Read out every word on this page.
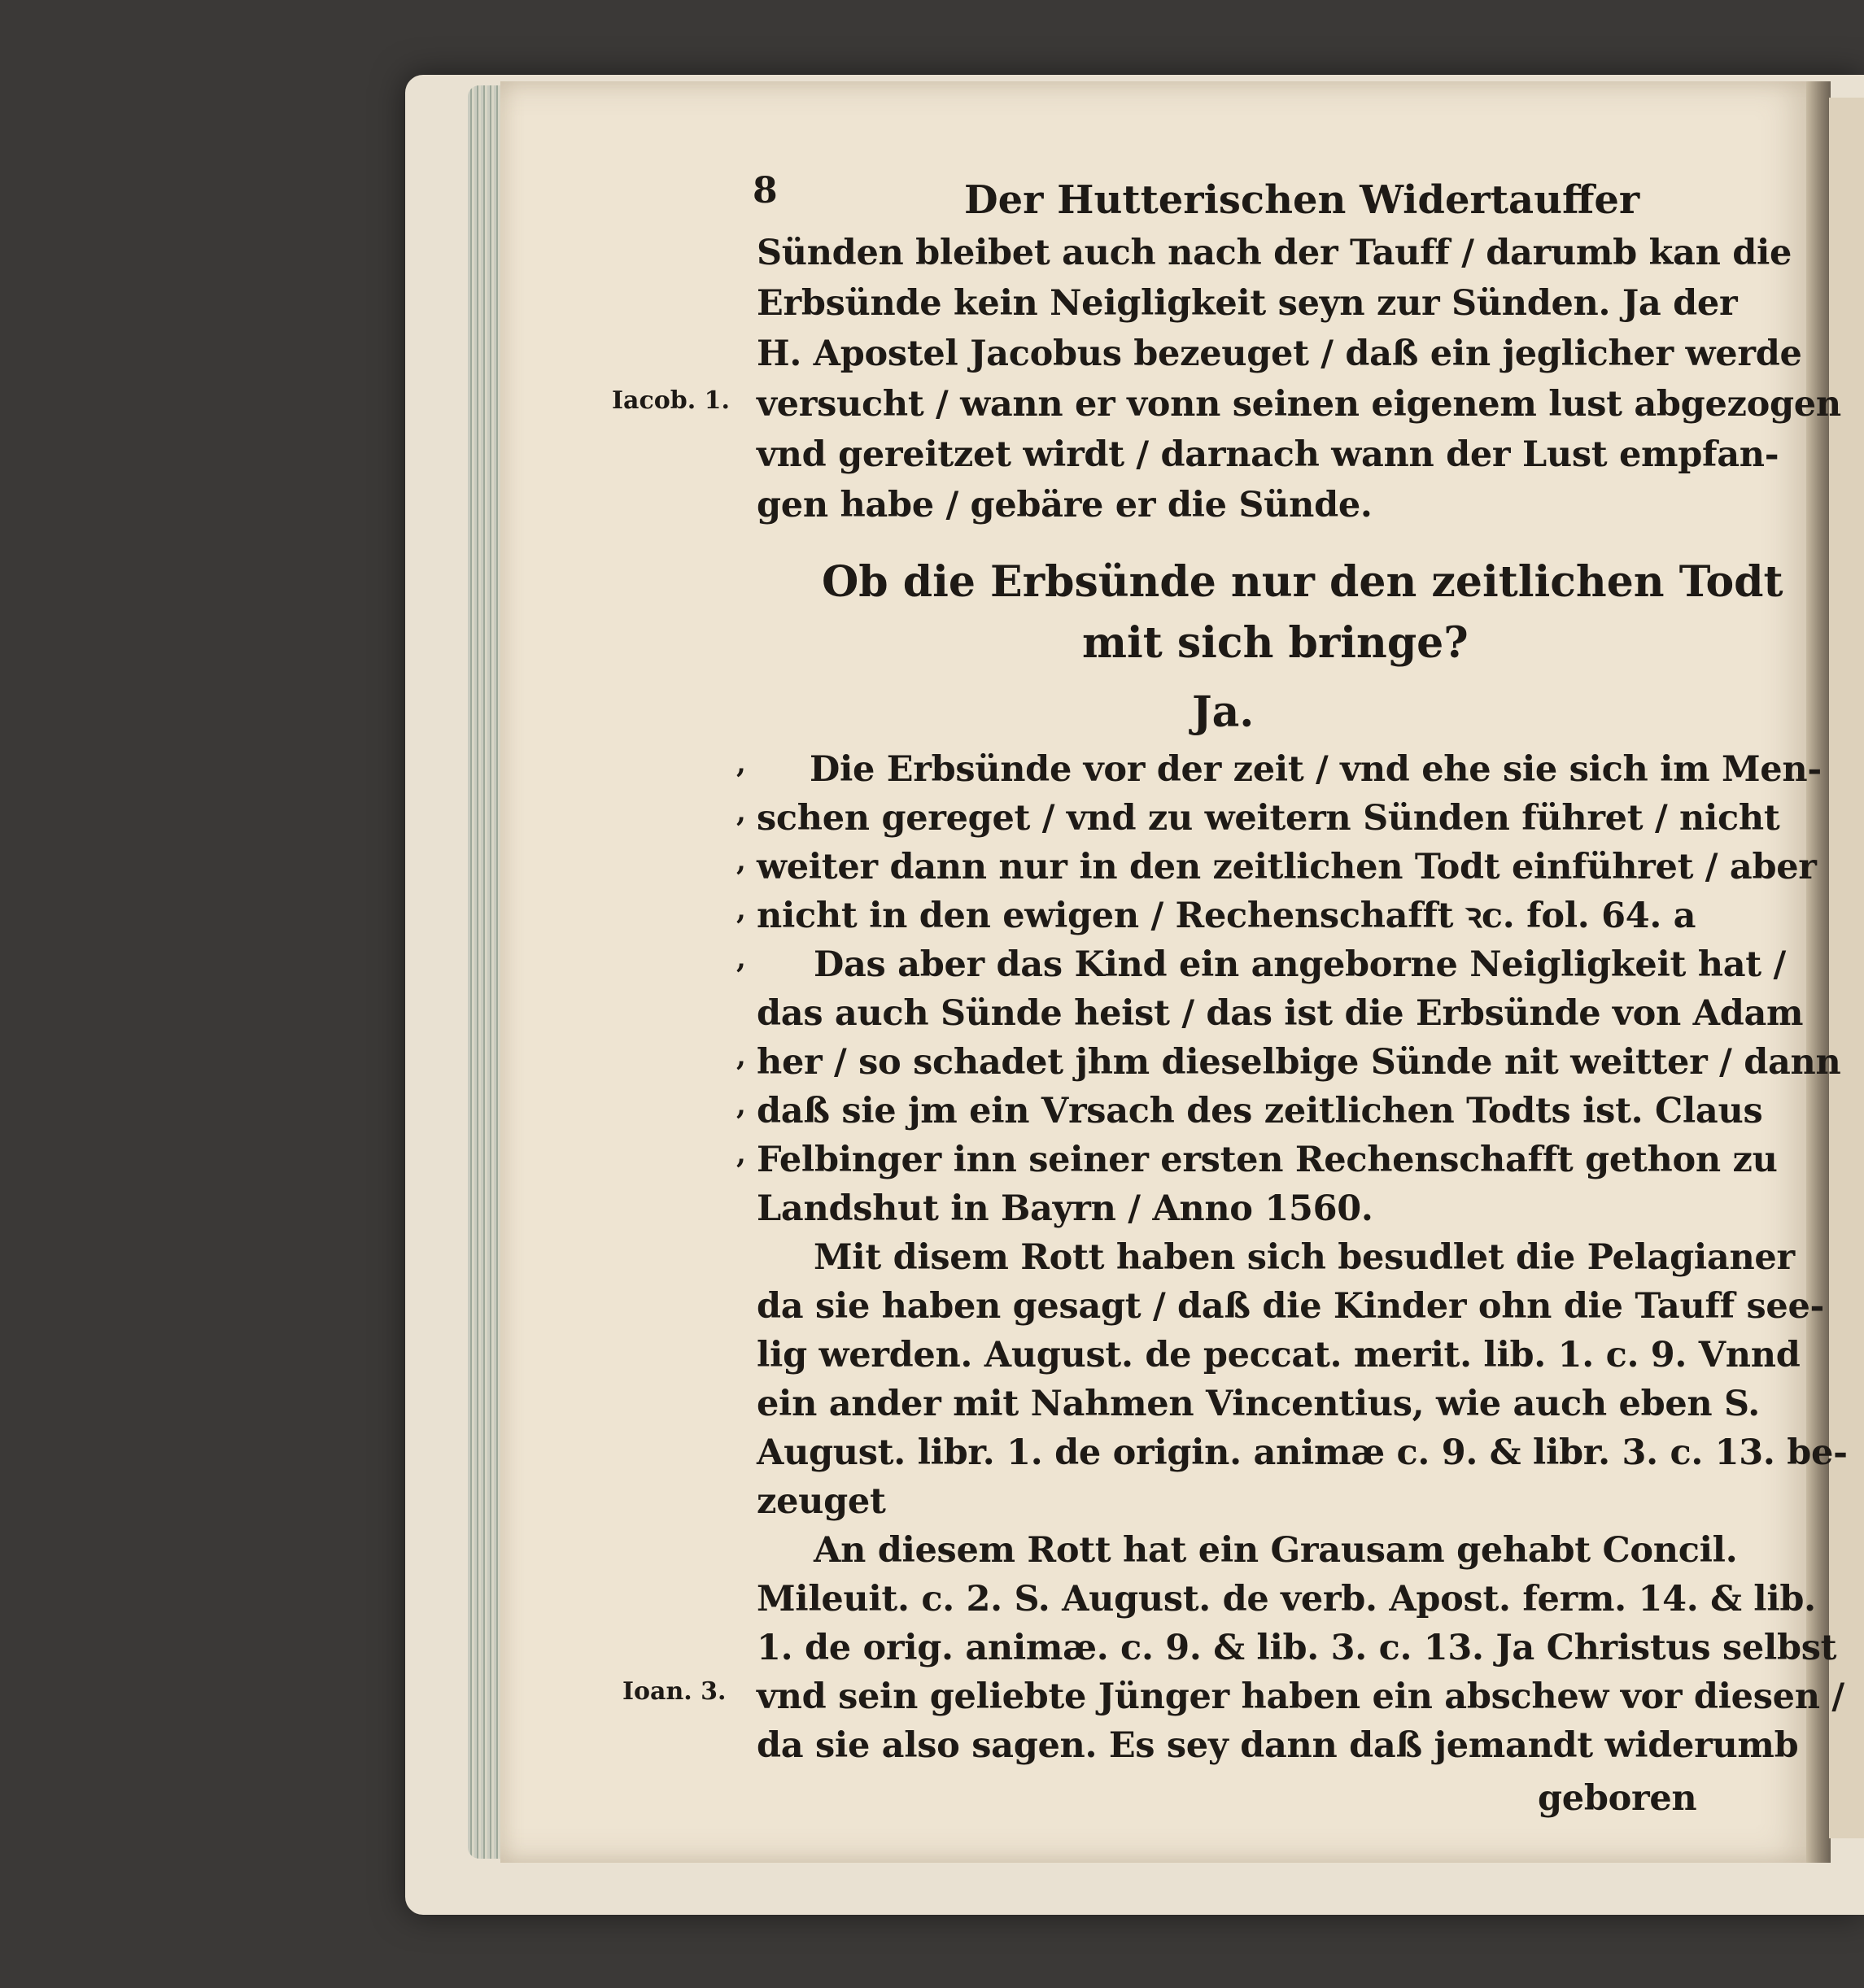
8	Der Hutterischen Widertauffer
Sünden bleibet auch nach der Tauff / darumb kan die
Erbsünde kein Neigligkeit seyn zur Sünden. Ja der
H. Apostel Jacobus bezeuget / daß ein jeglicher werde
versucht / wann er vonn seinen eigenem lust abgezogen
vnd gereitzet wirdt / darnach wann der Lust empfan-
gen habe / gebäre er die Sünde.
Iacob. 1.
Ob die Erbsünde nur den zeitlichen Todt
mit sich bringe?
Ja.
Die Erbsünde vor der zeit / vnd ehe sie sich im Men-
schen gereget / vnd zu weitern Sünden führet / nicht
weiter dann nur in den zeitlichen Todt einführet / aber
nicht in den ewigen / Rechenschafft ꝛc. fol. 64. a
Das aber das Kind ein angeborne Neigligkeit hat /
das auch Sünde heist / das ist die Erbsünde von Adam
her / so schadet jhm dieselbige Sünde nit weitter / dann
daß sie jm ein Vrsach des zeitlichen Todts ist. Claus
Felbinger inn seiner ersten Rechenschafft gethon zu
Landshut in Bayrn / Anno 1560.
,
,
,
,
,
,
,
,
Mit disem Rott haben sich besudlet die Pelagianer
da sie haben gesagt / daß die Kinder ohn die Tauff see-
lig werden. August. de peccat. merit. lib. 1. c. 9. Vnnd
ein ander mit Nahmen Vincentius, wie auch eben S.
August. libr. 1. de origin. animæ c. 9. & libr. 3. c. 13. be-
zeuget
An diesem Rott hat ein Grausam gehabt Concil.
Mileuit. c. 2. S. August. de verb. Apost. ferm. 14. & lib.
1. de orig. animæ. c. 9. & lib. 3. c. 13. Ja Christus selbst
vnd sein geliebte Jünger haben ein abschew vor diesen /
da sie also sagen. Es sey dann daß jemandt widerumb
Ioan. 3.
geboren
